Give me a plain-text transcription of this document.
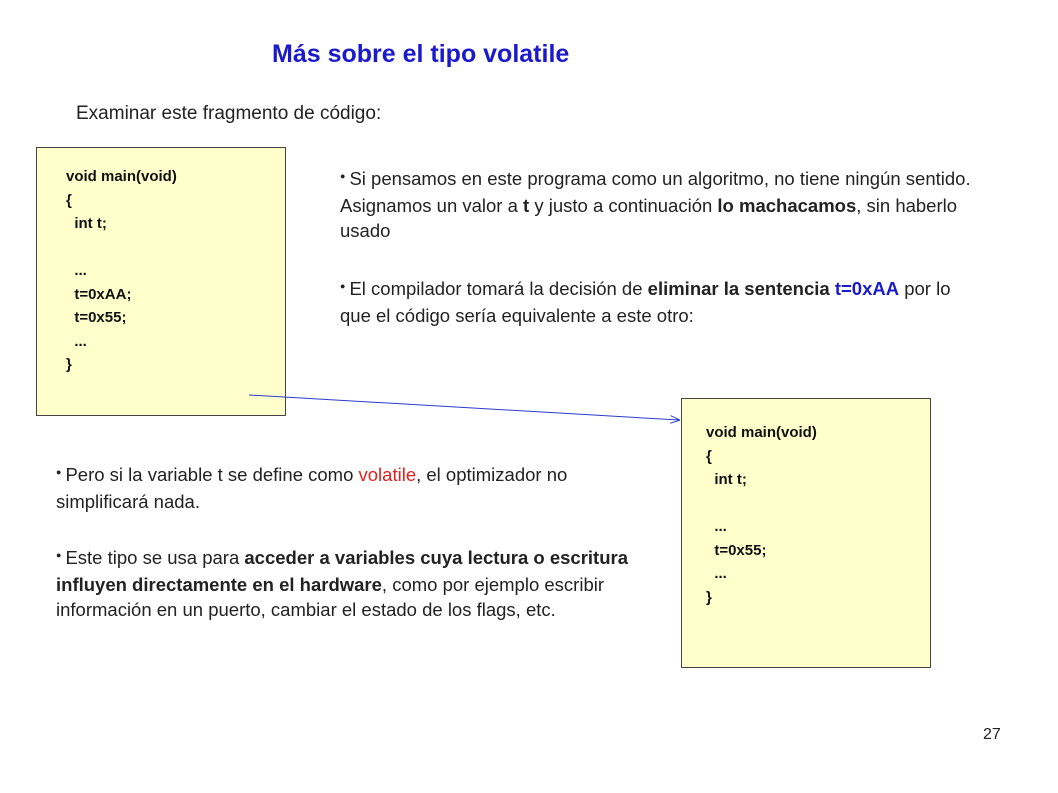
Más sobre el tipo volatile
Examinar este fragmento de código:
void main(void)
{
int t;
...
t=0xAA;
t=0x55;
...
}
● Si pensamos en este programa como un algoritmo, no tiene ningún sentido. Asignamos un valor a t y justo a continuación lo machacamos, sin haberlo usado
● El compilador tomará la decisión de eliminar la sentencia t=0xAA por lo que el código sería equivalente a este otro:
void main(void)
{
int t;
...
t=0x55;
...
}
● Pero si la variable t se define como volatile, el optimizador no simplificará nada.
● Este tipo se usa para acceder a variables cuya lectura o escritura influyen directamente en el hardware, como por ejemplo escribir información en un puerto, cambiar el estado de los flags, etc.
27
